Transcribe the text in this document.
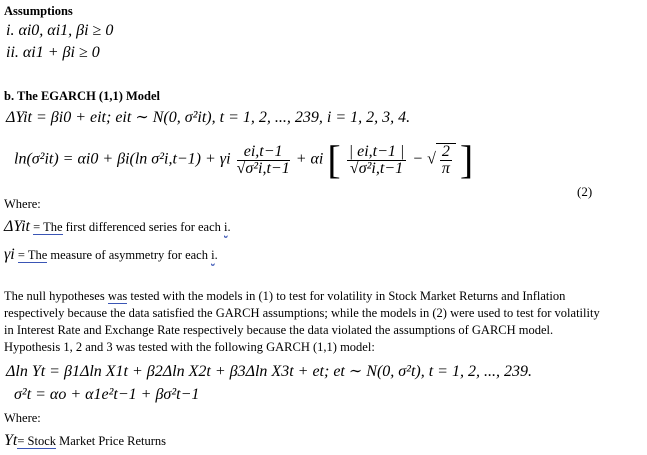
Assumptions
i. αi0, αi1, βi ≥ 0
ii. αi1 + βi ≥ 0
b. The EGARCH (1,1) Model
ΔYit = βi0 + eit; eit ∼ N(0, σ²it), t = 1, 2, ..., 239, i = 1, 2, 3, 4.
ln(σ²it) = αi0 + βi(ln σ²i,t−1) + γi $\frac{ei,t-1}{\text{√σ²i,t−1}} + \alpha i$ [ $\frac{| ei,t-1 |}{\text{√σ²i,t−1}}$ − √ $\frac{2}{\pi}$ ]
(2)
Where:
ΔYit = The first differenced series for each i.
γi = The measure of asymmetry for each i.
The null hypotheses was tested with the models in (1) to test for volatility in Stock Market Returns and Inflation
respectively because the data satisfied the GARCH assumptions; while the models in (2) were used to test for volatility
in Interest Rate and Exchange Rate respectively because the data violated the assumptions of GARCH model.
Hypothesis 1, 2 and 3 was tested with the following GARCH (1,1) model:
Δln Yt = β1Δln X1t + β2Δln X2t + β3Δln X3t + et; et ∼ N(0, σ²t), t = 1, 2, ..., 239.
σ²t = αo + α1e²t−1 + βσ²t−1
Where:
Yt= Stock Market Price Returns
